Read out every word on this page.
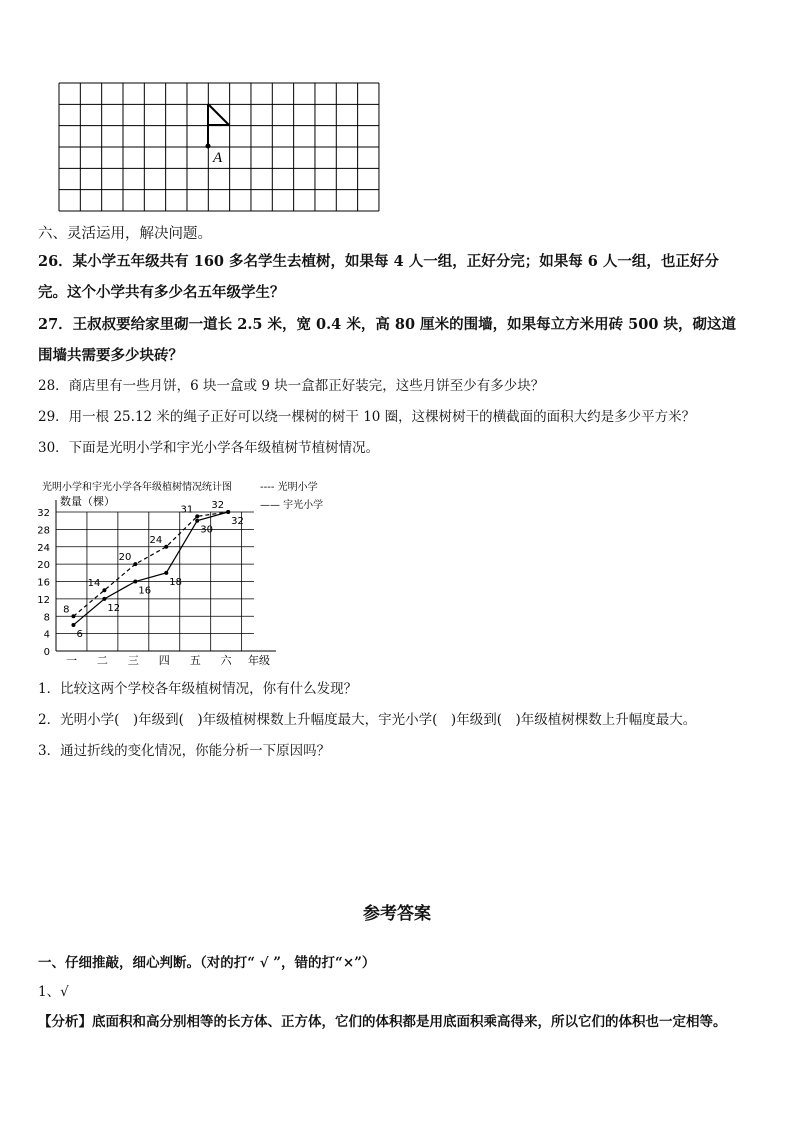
A
六、灵活运用，解决问题。
26．某小学五年级共有 160 多名学生去植树，如果每 4 人一组，正好分完；如果每 6 人一组，也正好分
完。这个小学共有多少名五年级学生？
27．王叔叔要给家里砌一道长 2.5 米，宽 0.4 米，高 80 厘米的围墙，如果每立方米用砖 500 块，砌这道
围墙共需要多少块砖？
28．商店里有一些月饼，6 块一盒或 9 块一盒都正好装完，这些月饼至少有多少块？
29．用一根 25.12 米的绳子正好可以绕一棵树的树干 10 圈，这棵树树干的横截面的面积大约是多少平方米？
30．下面是光明小学和宇光小学各年级植树节植树情况。
光明小学和宇光小学各年级植树情况统计图
数量（棵）
---- 光明小学
—— 宇光小学
0
4
8
12
16
20
24
28
32
一 二 三 四 五 六 年级
8
14
20
24
31 32
6
12
16
18
30
32
1．比较这两个学校各年级植树情况，你有什么发现？
2．光明小学(　)年级到(　)年级植树棵数上升幅度最大，宇光小学(　)年级到(　)年级植树棵数上升幅度最大。
3．通过折线的变化情况，你能分析一下原因吗？
参考答案
一、仔细推敲，细心判断。（对的打“ √ ”，错的打“×”）
1、√
【分析】底面积和高分别相等的长方体、正方体，它们的体积都是用底面积乘高得来，所以它们的体积也一定相等。
